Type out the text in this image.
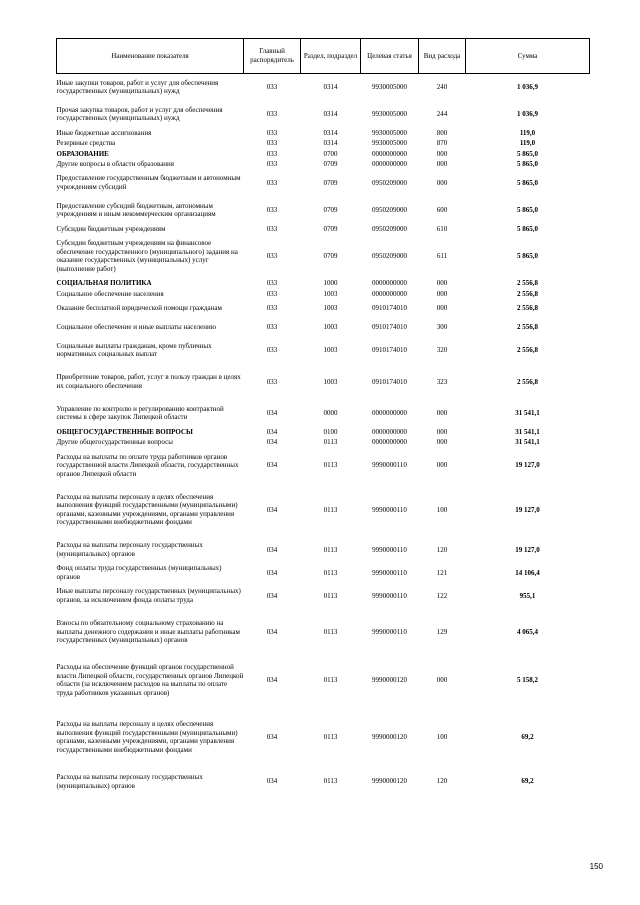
Наименование показателя	Главный распорядитель	Раздел, подраздел	Целевая статья	Вид расхода	Сумма
Иные закупки товаров, работ и услуг для обеспечения государственных (муниципальных) нужд	033	0314	9930005000	240	1 036,9
Прочая закупка товаров, работ и услуг для обеспечения государственных (муниципальных) нужд	033	0314	9930005000	244	1 036,9
Иные бюджетные ассигнования	033	0314	9930005000	800	119,0
Резервные средства	033	0314	9930005000	870	119,0
ОБРАЗОВАНИЕ	033	0700	0000000000	000	5 865,0
Другие вопросы в области образования	033	0709	0000000000	000	5 865,0
Предоставление государственным бюджетным и автономным учреждениям субсидий	033	0709	0950209000	000	5 865,0
Предоставление субсидий бюджетным, автономным учреждениям и иным некоммерческим организациям	033	0709	0950209000	600	5 865,0
Субсидии бюджетным учреждениям	033	0709	0950209000	610	5 865,0
Субсидии бюджетным учреждениям на финансовое обеспечение государственного (муниципального) задания на оказание государственных (муниципальных) услуг (выполнение работ)	033	0709	0950209000	611	5 865,0
СОЦИАЛЬНАЯ ПОЛИТИКА	033	1000	0000000000	000	2 556,8
Социальное обеспечение населения	033	1003	0000000000	000	2 556,8
Оказание бесплатной юридической помощи гражданам	033	1003	0910174010	000	2 556,8
Социальное обеспечение и иные выплаты населению	033	1003	0910174010	300	2 556,8
Социальные выплаты гражданам, кроме публичных нормативных социальных выплат	033	1003	0910174010	320	2 556,8
Приобретение товаров, работ, услуг в пользу граждан в целях их социального обеспечения	033	1003	0910174010	323	2 556,8
Управление по контролю и регулированию контрактной системы в сфере закупок Липецкой области	034	0000	0000000000	000	31 541,1
ОБЩЕГОСУДАРСТВЕННЫЕ ВОПРОСЫ	034	0100	0000000000	000	31 541,1
Другие общегосударственные вопросы	034	0113	0000000000	000	31 541,1
Расходы на выплаты по оплате труда работников органов государственной власти Липецкой области, государственных органов Липецкой области	034	0113	9990000110	000	19 127,0
Расходы на выплаты персоналу в целях обеспечения выполнения функций государственными (муниципальными) органами, казенными учреждениями, органами управления государственными внебюджетными фондами	034	0113	9990000110	100	19 127,0
Расходы на выплаты персоналу государственных (муниципальных) органов	034	0113	9990000110	120	19 127,0
Фонд оплаты труда государственных (муниципальных) органов	034	0113	9990000110	121	14 106,4
Иные выплаты персоналу государственных (муниципальных) органов, за исключением фонда оплаты труда	034	0113	9990000110	122	955,1
Взносы по обязательному социальному страхованию на выплаты денежного содержания и иные выплаты работникам государственных (муниципальных) органов	034	0113	9990000110	129	4 065,4
Расходы на обеспечение функций органов государственной власти Липецкой области, государственных органов Липецкой области (за исключением расходов на выплаты по оплате труда работников указанных органов)	034	0113	9990000120	000	5 158,2
Расходы на выплаты персоналу в целях обеспечения выполнения функций государственными (муниципальными) органами, казенными учреждениями, органами управления государственными внебюджетными фондами	034	0113	9990000120	100	69,2
Расходы на выплаты персоналу государственных (муниципальных) органов	034	0113	9990000120	120	69,2
150
